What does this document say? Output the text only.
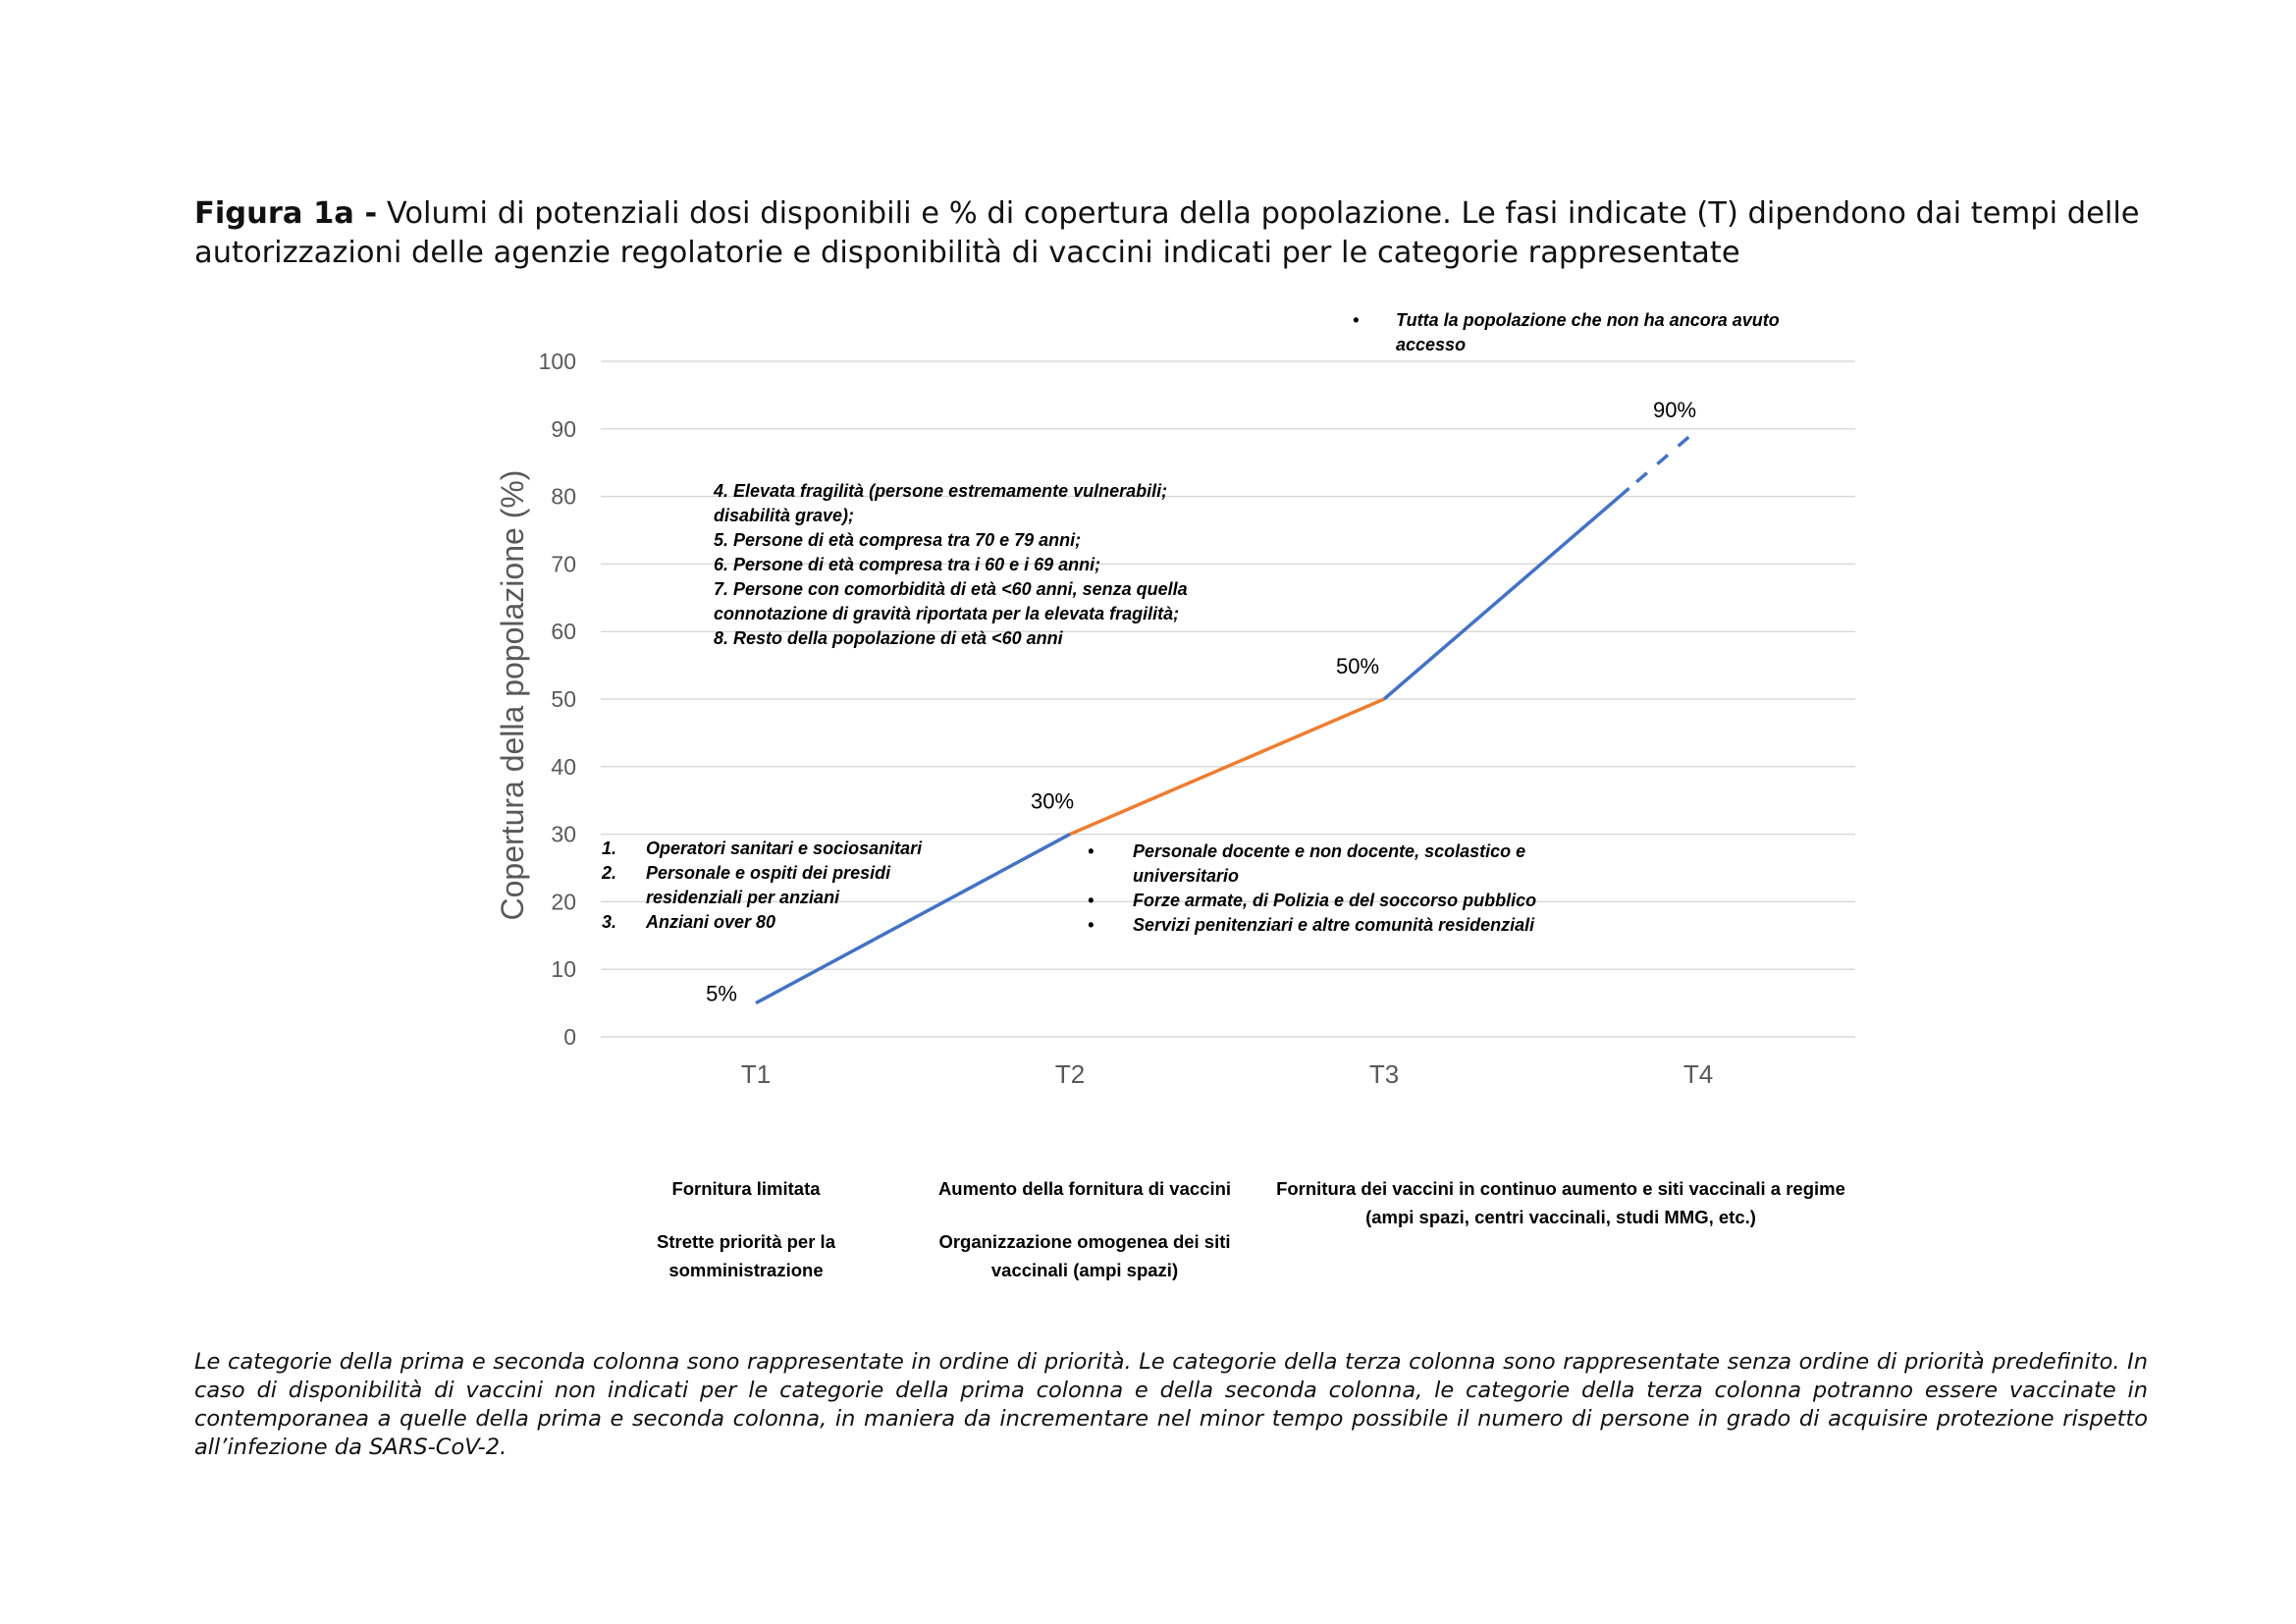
Figura 1a - Volumi di potenziali dosi disponibili e % di copertura della popolazione. Le fasi indicate (T) dipendono dai tempi delle autorizzazioni delle agenzie regolatorie e disponibilità di vaccini indicati per le categorie rappresentate
0
10
20
30
40
50
60
70
80
90
100
T1	T2	T3	T4
5%
30%
50%
90%
Copertura della popolazione (%)
• Tutta la popolazione che non ha ancora avuto accesso
4. Elevata fragilità (persone estremamente vulnerabili; disabilità grave);
5. Persone di età compresa tra 70 e 79 anni;
6. Persone di età compresa tra i 60 e i 69 anni;
7. Persone con comorbidità di età <60 anni, senza quella connotazione di gravità riportata per la elevata fragilità;
8. Resto della popolazione di età <60 anni
1. Operatori sanitari e sociosanitari
2. Personale e ospiti dei presidi residenziali per anziani
3. Anziani over 80
• Personale docente e non docente, scolastico e universitario
• Forze armate, di Polizia e del soccorso pubblico
• Servizi penitenziari e altre comunità residenziali

Fornitura limitata

Strette priorità per la somministrazione

Aumento della fornitura di vaccini

Organizzazione omogenea dei siti vaccinali (ampi spazi)

Fornitura dei vaccini in continuo aumento e siti vaccinali a regime (ampi spazi, centri vaccinali, studi MMG, etc.)

Le categorie della prima e seconda colonna sono rappresentate in ordine di priorità. Le categorie della terza colonna sono rappresentate senza ordine di priorità predefinito. In caso di disponibilità di vaccini non indicati per le categorie della prima colonna e della seconda colonna, le categorie della terza colonna potranno essere vaccinate in contemporanea a quelle della prima e seconda colonna, in maniera da incrementare nel minor tempo possibile il numero di persone in grado di acquisire protezione rispetto all’infezione da SARS-CoV-2.
